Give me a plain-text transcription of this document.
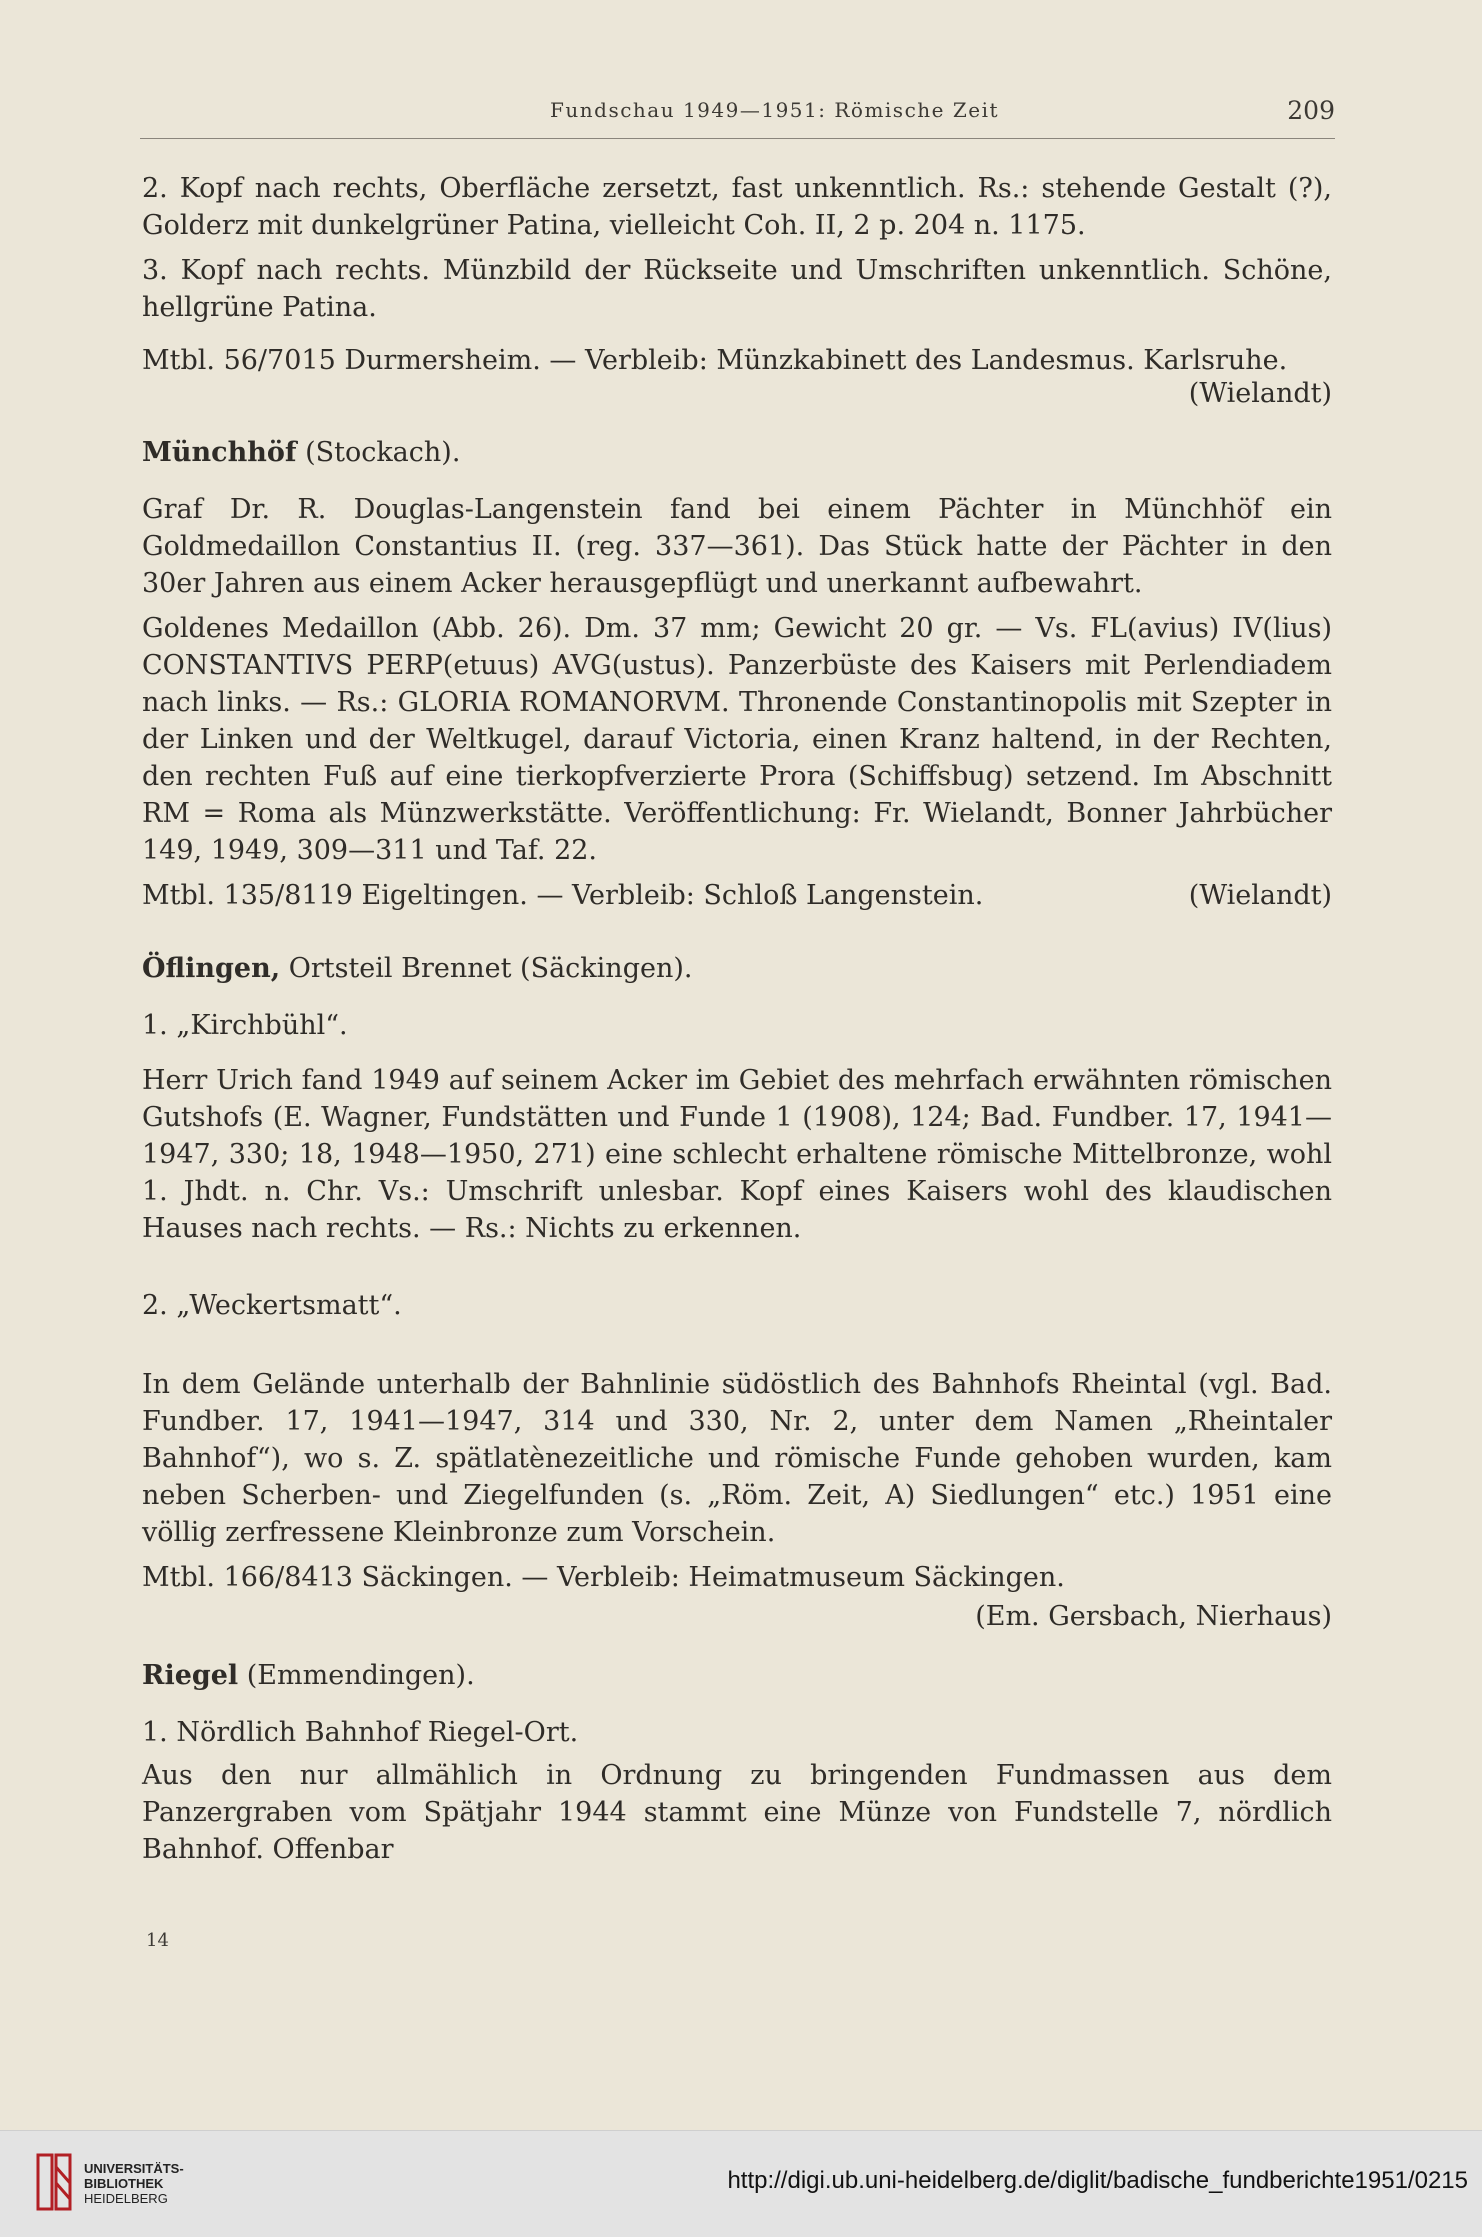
Fundschau 1949—1951: Römische Zeit	209

2. Kopf nach rechts, Oberfläche zersetzt, fast unkenntlich. Rs.: stehende Gestalt (?), Golderz mit dunkelgrüner Patina, vielleicht Coh. II, 2 p. 204 n. 1175.

3. Kopf nach rechts. Münzbild der Rückseite und Umschriften unkenntlich. Schöne, hellgrüne Patina.

Mtbl. 56/7015 Durmersheim. — Verbleib: Münzkabinett des Landesmus. Karlsruhe.

(Wielandt)
Münchhöf (Stockach).

Graf Dr. R. Douglas-Langenstein fand bei einem Pächter in Münchhöf ein Goldmedaillon Constantius II. (reg. 337—361). Das Stück hatte der Pächter in den 30er Jahren aus einem Acker herausgepflügt und unerkannt aufbewahrt.

Goldenes Medaillon (Abb. 26). Dm. 37 mm; Gewicht 20 gr. — Vs. FL(avius) IV(lius) CONSTANTIVS PERP(etuus) AVG(ustus). Panzerbüste des Kaisers mit Perlendiadem nach links. — Rs.: GLORIA ROMANORVM. Thronende Constantinopolis mit Szepter in der Linken und der Weltkugel, darauf Victoria, einen Kranz haltend, in der Rechten, den rechten Fuß auf eine tierkopfverzierte Prora (Schiffsbug) setzend. Im Abschnitt RM = Roma als Münzwerkstätte. Veröffentlichung: Fr. Wielandt, Bonner Jahrbücher 149, 1949, 309—311 und Taf. 22.

Mtbl. 135/8119 Eigeltingen. — Verbleib: Schloß Langenstein.	(Wielandt)
Öflingen, Ortsteil Brennet (Säckingen).
1. „Kirchbühl“.

Herr Urich fand 1949 auf seinem Acker im Gebiet des mehrfach erwähnten römischen Gutshofs (E. Wagner, Fundstätten und Funde 1 (1908), 124; Bad. Fundber. 17, 1941—1947, 330; 18, 1948—1950, 271) eine schlecht erhaltene römische Mittelbronze, wohl 1. Jhdt. n. Chr. Vs.: Umschrift unlesbar. Kopf eines Kaisers wohl des klaudischen Hauses nach rechts. — Rs.: Nichts zu erkennen.

2. „Weckertsmatt“.

In dem Gelände unterhalb der Bahnlinie südöstlich des Bahnhofs Rheintal (vgl. Bad. Fundber. 17, 1941—1947, 314 und 330, Nr. 2, unter dem Namen „Rheintaler Bahnhof“), wo s. Z. spätlatènezeitliche und römische Funde gehoben wurden, kam neben Scherben- und Ziegelfunden (s. „Röm. Zeit, A) Siedlungen“ etc.) 1951 eine völlig zerfressene Kleinbronze zum Vorschein.

Mtbl. 166/8413 Säckingen. — Verbleib: Heimatmuseum Säckingen.

(Em. Gersbach, Nierhaus)
Riegel (Emmendingen).
1. Nördlich Bahnhof Riegel-Ort.

Aus den nur allmählich in Ordnung zu bringenden Fundmassen aus dem Panzergraben vom Spätjahr 1944 stammt eine Münze von Fundstelle 7, nördlich Bahnhof. Offenbar

14
UNIVERSITÄTS-
BIBLIOTHEK
HEIDELBERG
http://digi.ub.uni-heidelberg.de/diglit/badische_fundberichte1951/0215
